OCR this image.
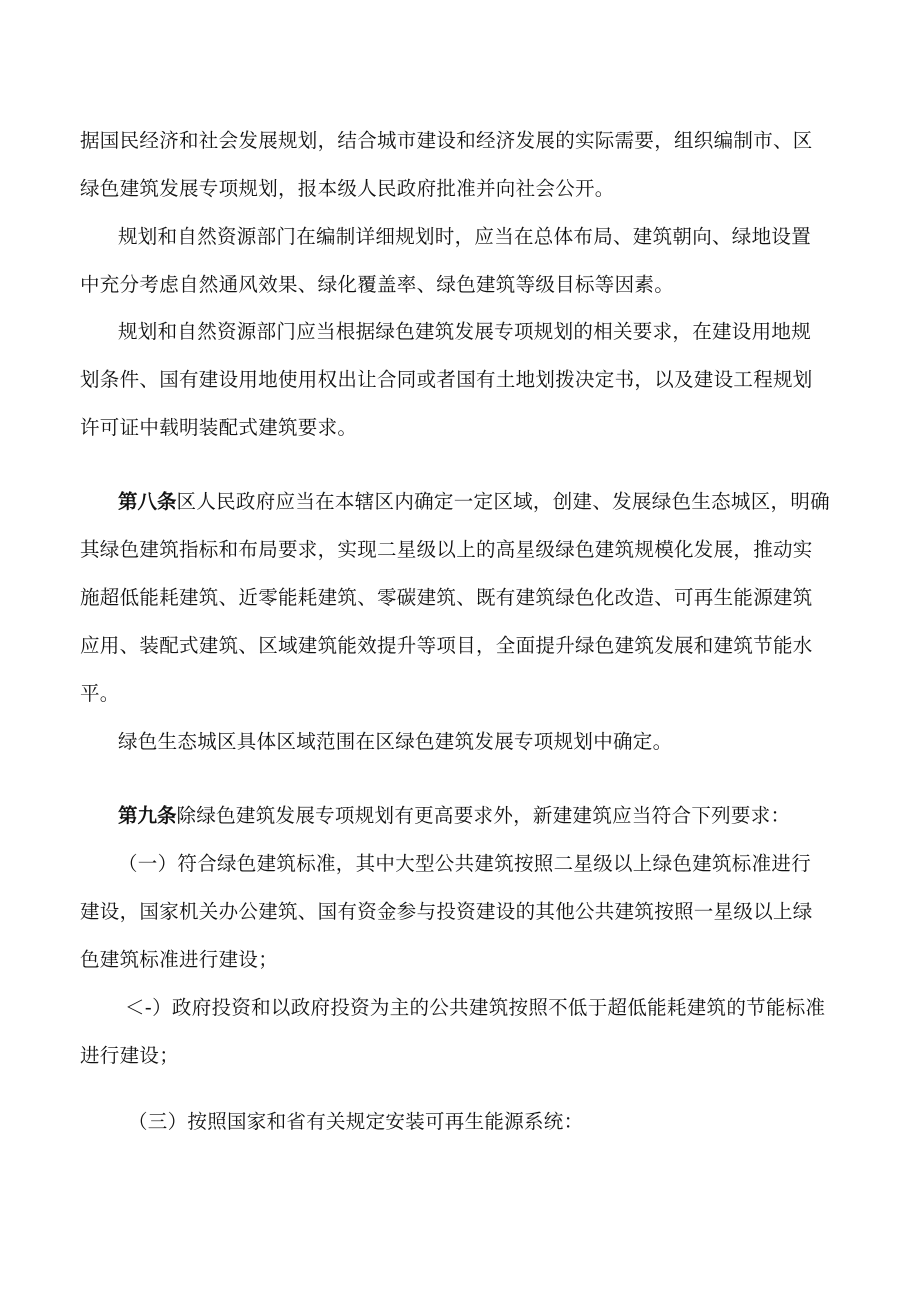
据国民经济和社会发展规划，结合城市建设和经济发展的实际需要，组织编制市、区
绿色建筑发展专项规划，报本级人民政府批准并向社会公开。
规划和自然资源部门在编制详细规划时，应当在总体布局、建筑朝向、绿地设置
中充分考虑自然通风效果、绿化覆盖率、绿色建筑等级目标等因素。
规划和自然资源部门应当根据绿色建筑发展专项规划的相关要求，在建设用地规
划条件、国有建设用地使用权出让合同或者国有土地划拨决定书，以及建设工程规划
许可证中载明装配式建筑要求。
第八条区人民政府应当在本辖区内确定一定区域，创建、发展绿色生态城区，明确
其绿色建筑指标和布局要求，实现二星级以上的高星级绿色建筑规模化发展，推动实
施超低能耗建筑、近零能耗建筑、零碳建筑、既有建筑绿色化改造、可再生能源建筑
应用、装配式建筑、区域建筑能效提升等项目，全面提升绿色建筑发展和建筑节能水
平。
绿色生态城区具体区域范围在区绿色建筑发展专项规划中确定。
第九条除绿色建筑发展专项规划有更高要求外，新建建筑应当符合下列要求：
（一）符合绿色建筑标准，其中大型公共建筑按照二星级以上绿色建筑标准进行
建设，国家机关办公建筑、国有资金参与投资建设的其他公共建筑按照一星级以上绿
色建筑标准进行建设；
＜-）政府投资和以政府投资为主的公共建筑按照不低于超低能耗建筑的节能标准
进行建设；
（三）按照国家和省有关规定安装可再生能源系统：
